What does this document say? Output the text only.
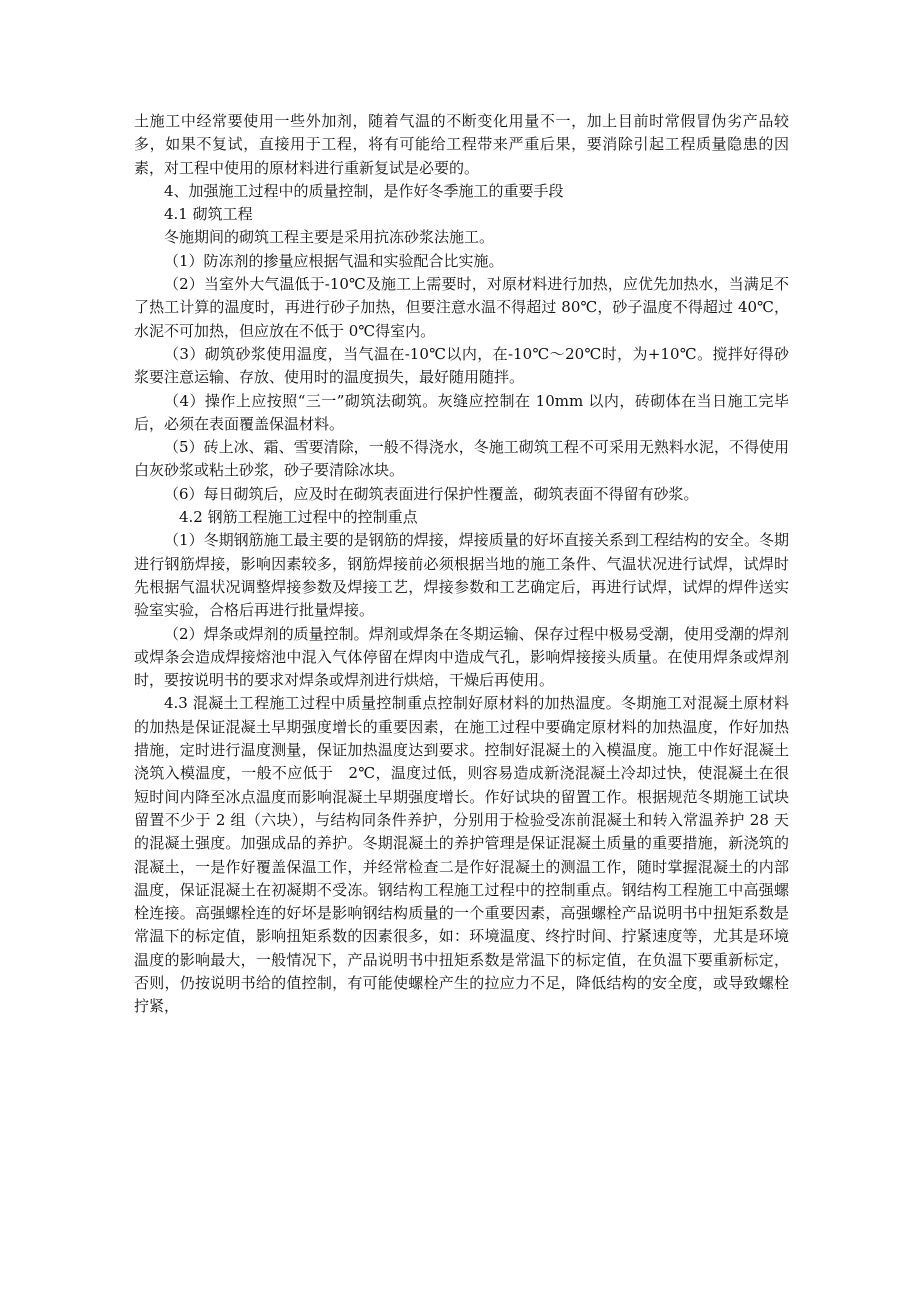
土施工中经常要使用一些外加剂，随着气温的不断变化用量不一，加上目前时常假冒伪劣产品较多，如果不复试，直接用于工程，将有可能给工程带来严重后果，要消除引起工程质量隐患的因素，对工程中使用的原材料进行重新复试是必要的。

4、加强施工过程中的质量控制，是作好冬季施工的重要手段

4.1 砌筑工程

冬施期间的砌筑工程主要是采用抗冻砂浆法施工。

（1）防冻剂的掺量应根据气温和实验配合比实施。

（2）当室外大气温低于-10℃及施工上需要时，对原材料进行加热，应优先加热水，当满足不了热工计算的温度时，再进行砂子加热，但要注意水温不得超过 80℃，砂子温度不得超过 40℃，水泥不可加热，但应放在不低于 0℃得室内。

（3）砌筑砂浆使用温度，当气温在-10℃以内，在-10℃～20℃时，为+10℃。搅拌好得砂浆要注意运输、存放、使用时的温度损失，最好随用随拌。

（4）操作上应按照“三一”砌筑法砌筑。灰缝应控制在 10mm 以内，砖砌体在当日施工完毕后，必须在表面覆盖保温材料。

（5）砖上冰、霜、雪要清除，一般不得浇水，冬施工砌筑工程不可采用无熟料水泥，不得使用白灰砂浆或粘土砂浆，砂子要清除冰块。

（6）每日砌筑后，应及时在砌筑表面进行保护性覆盖，砌筑表面不得留有砂浆。

4.2 钢筋工程施工过程中的控制重点

（1）冬期钢筋施工最主要的是钢筋的焊接，焊接质量的好坏直接关系到工程结构的安全。冬期进行钢筋焊接，影响因素较多，钢筋焊接前必须根据当地的施工条件、气温状况进行试焊，试焊时先根据气温状况调整焊接参数及焊接工艺，焊接参数和工艺确定后，再进行试焊，试焊的焊件送实验室实验，合格后再进行批量焊接。

（2）焊条或焊剂的质量控制。焊剂或焊条在冬期运输、保存过程中极易受潮，使用受潮的焊剂或焊条会造成焊接熔池中混入气体停留在焊肉中造成气孔，影响焊接接头质量。在使用焊条或焊剂时，要按说明书的要求对焊条或焊剂进行烘焙，干燥后再使用。

4.3 混凝土工程施工过程中质量控制重点控制好原材料的加热温度。冬期施工对混凝土原材料的加热是保证混凝土早期强度增长的重要因素，在施工过程中要确定原材料的加热温度，作好加热措施，定时进行温度测量，保证加热温度达到要求。控制好混凝土的入模温度。施工中作好混凝土浇筑入模温度，一般不应低于　2℃，温度过低，则容易造成新浇混凝土冷却过快，使混凝土在很短时间内降至冰点温度而影响混凝土早期强度增长。作好试块的留置工作。根据规范冬期施工试块留置不少于 2 组（六块），与结构同条件养护，分别用于检验受冻前混凝土和转入常温养护 28 天的混凝土强度。加强成品的养护。冬期混凝土的养护管理是保证混凝土质量的重要措施，新浇筑的混凝土，一是作好覆盖保温工作，并经常检查二是作好混凝土的测温工作，随时掌握混凝土的内部温度，保证混凝土在初凝期不受冻。钢结构工程施工过程中的控制重点。钢结构工程施工中高强螺栓连接。高强螺栓连的好坏是影响钢结构质量的一个重要因素，高强螺栓产品说明书中扭矩系数是常温下的标定值，影响扭矩系数的因素很多，如：环境温度、终拧时间、拧紧速度等，尤其是环境温度的影响最大，一般情况下，产品说明书中扭矩系数是常温下的标定值，在负温下要重新标定，否则，仍按说明书给的值控制，有可能使螺栓产生的拉应力不足，降低结构的安全度，或导致螺栓拧紧，
